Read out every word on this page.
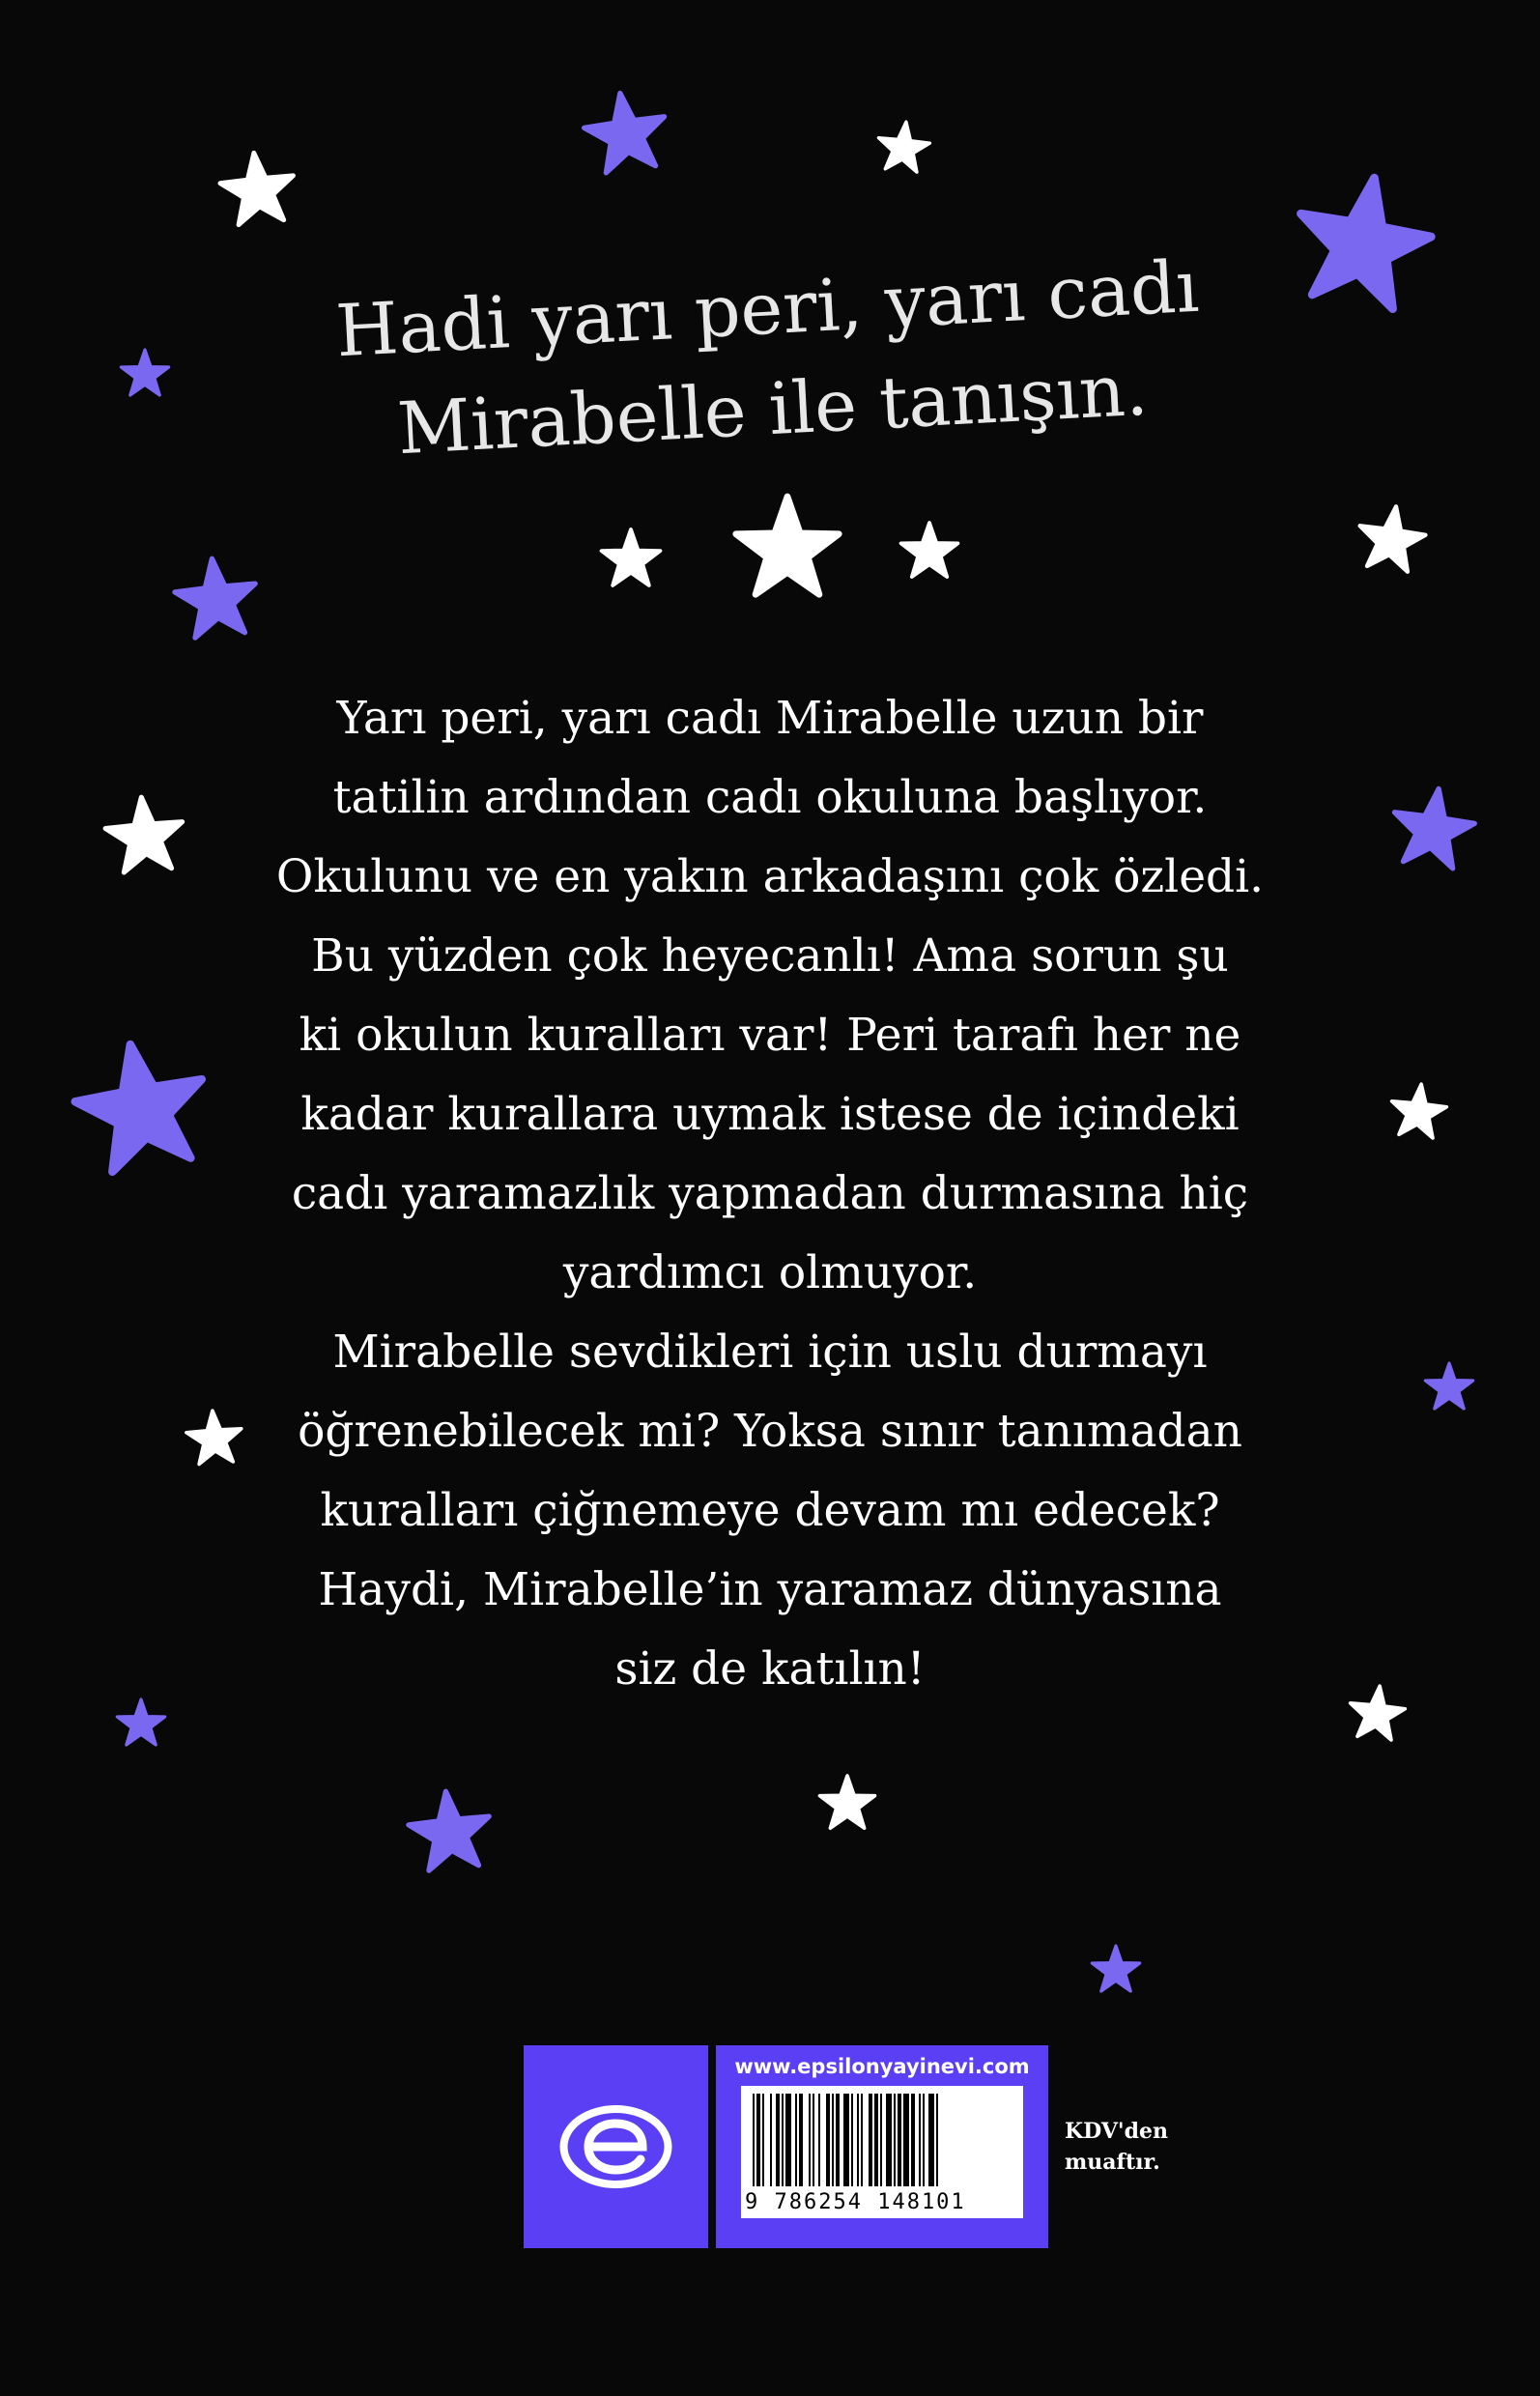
Hadi yarı peri, yarı cadı
Mirabelle ile tanışın.
Yarı peri, yarı cadı Mirabelle uzun bir
tatilin ardından cadı okuluna başlıyor.
Okulunu ve en yakın arkadaşını çok özledi.
Bu yüzden çok heyecanlı! Ama sorun şu
ki okulun kuralları var! Peri tarafı her ne
kadar kurallara uymak istese de içindeki
cadı yaramazlık yapmadan durmasına hiç
yardımcı olmuyor.
Mirabelle sevdikleri için uslu durmayı
öğrenebilecek mi? Yoksa sınır tanımadan
kuralları çiğnemeye devam mı edecek?
Haydi, Mirabelle’in yaramaz dünyasına
siz de katılın!
www.epsilonyayinevi.com
9 786254 148101
KDV'den
muaftır.
